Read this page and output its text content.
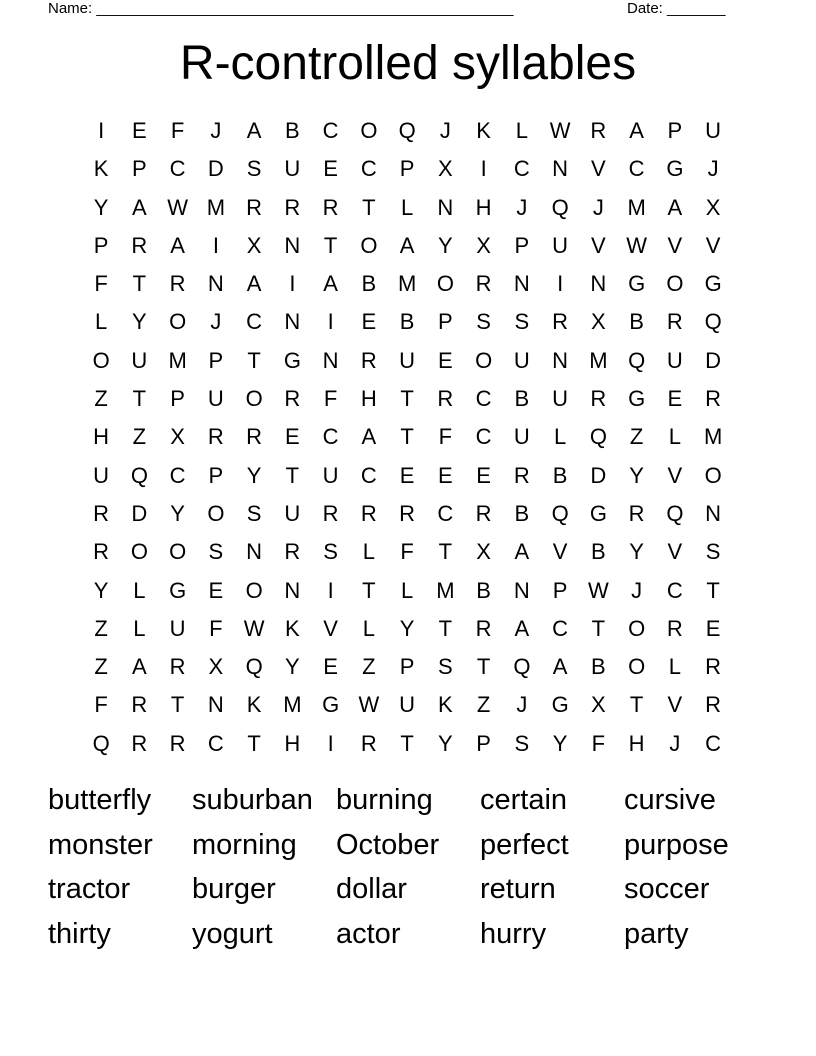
Name: __________________________________________________	Date: _______
R-controlled syllables
I	E	F	J	A	B	C O Q	J	K	L W R	A	P	U
K	P	C	D	S	U	E	C	P	X	I	C	N	V	C G	J
Y	A W M R	R	R	T	L	N	H	J	Q	J	M A	X
P	R	A	I	X	N	T	O	A	Y	X	P	U	V W V	V
F	T	R	N	A	I	A	B M O R	N	I	N G O G
L	Y	O	J	C	N	I	E	B	P	S	S	R	X	B	R Q
O U M P	T	G N	R	U	E	O U	N M Q U	D
Z	T	P	U O R	F	H	T	R	C	B	U	R G	E	R
H	Z	X	R	R	E	C	A	T	F	C	U	L	Q	Z	L	M
U Q C	P	Y	T	U	C	E	E	E	R	B	D	Y	V	O
R	D	Y	O	S	U	R	R	R	C	R	B	Q G R Q N
R O O	S	N	R	S	L	F	T	X	A	V	B	Y	V	S
Y	L	G	E	O N	I	T	L	M B	N	P W	J	C	T
Z	L	U	F W K	V	L	Y	T	R	A	C	T	O R	E
Z	A	R	X	Q	Y	E	Z	P	S	T	Q	A	B	O	L	R
F	R	T	N	K M G W U	K	Z	J	G	X	T	V	R
Q R	R	C	T	H	I	R	T	Y	P	S	Y	F	H	J	C
butterfly	suburban burning	certain	cursive
monster	morning	October	perfect	purpose
tractor	burger	dollar	return	soccer
thirty	yogurt	actor	hurry	party
